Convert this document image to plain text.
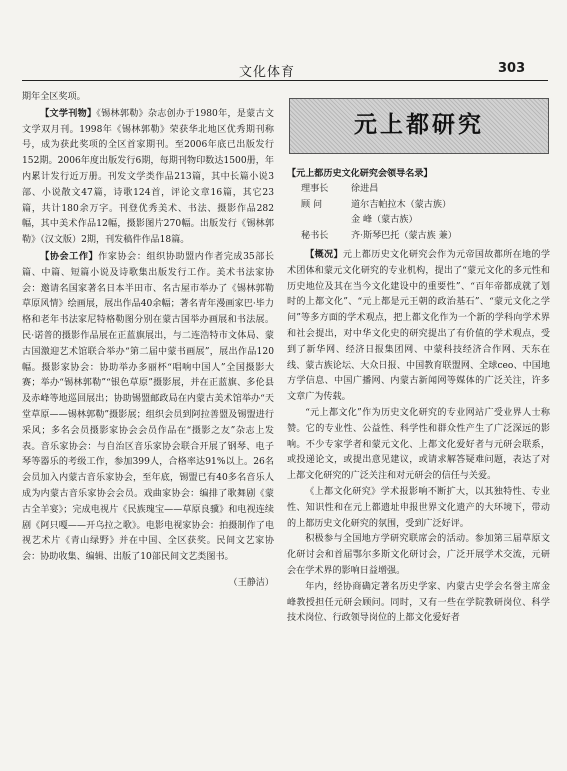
文化体育	303

期年全区奖项。

【文学刊物】《锡林郭勒》杂志创办于1980年，是蒙古文文学双月刊。1998年《锡林郭勒》荣获华北地区优秀期刊称号，成为获此奖项的全区首家期刊。至2006年底已出版发行152期。2006年度出版发行6期，每期刊物印数达1500册，年内累计发行近万册。刊发文学类作品213篇，其中长篇小说3部、小说散文47篇，诗歌124首，评论文章16篇，其它23篇，共计180余万字。刊登优秀美术、书法、摄影作品282幅，其中美术作品12幅，摄影图片270幅。出版发行《锡林郭勒》（汉文版）2期，刊发稿件作品18篇。

【协会工作】作家协会：组织协助盟内作者完成35部长篇、中篇、短篇小说及诗歌集出版发行工作。美术书法家协会：邀请名国家著名日本半田市、名古屋市举办了《锡林郭勒草原风情》绘画展，展出作品40余幅；著名青年漫画家巴·毕力格和老年书法家尼特格勒图分别在蒙古国举办画展和书法展。民·诺普的摄影作品展在正蓝旗展出，与二连浩特市文体局、蒙古国激迎艺术馆联合举办“第二届中蒙书画展”，展出作品120幅。摄影家协会：协助举办多丽杯“唱响中国人”全国摄影大赛；举办“锡林郭勒”“银色草原”摄影展，并在正蓝旗、多伦县及赤峰等地巡回展出；协助锡盟邮政局在内蒙古美术馆举办“天堂草原——锡林郭勒”摄影展；组织会员到阿拉善盟及锡盟进行采风；多名会员摄影家协会会员作品在“摄影之友”杂志上发表。音乐家协会：与自治区音乐家协会联合开展了钢琴、电子琴等器乐的考级工作，参加399人，合格率达91%以上。26名会员加入内蒙古音乐家协会，至年底，锡盟已有40多名音乐人成为内蒙古音乐家协会会员。戏曲家协会：编排了歌舞剧《蒙古全羊宴》；完成电视片《民族瑰宝——草原良骥》和电视连续剧《阿只嘎——开乌拉之歌》。电影电视家协会：拍摄制作了电视艺术片《青山绿野》并在中国、全区获奖。民间文艺家协会：协助收集、编辑、出版了10部民间文艺类图书。

（王静洁）

元上都研究

【元上都历史文化研究会领导名录】

理事长	徐进昌
顾 问	道尔吉帕拉木（蒙古族）
金 峰（蒙古族）
秘书长	齐·斯琴巴托（蒙古族 兼）

【概况】元上都历史文化研究会作为元帝国故都所在地的学术团体和蒙元文化研究的专业机构，提出了“蒙元文化的多元性和历史地位及其在当今文化建设中的重要性”、“百年帝都成就了划时的上都文化”、“元上都是元王朝的政治基石”、“蒙元文化之学问”等多方面的学术观点，把上都文化作为一个新的学科向学术界和社会提出，对中华文化史的研究提出了有价值的学术观点，受到了新华网、经济日报集团网、中蒙科技经济合作网、天东在线、蒙古族论坛、大众日报、中国教育联盟网、全球ceo、中国地方学信息、中国广播网、内蒙古新闻网等媒体的广泛关注，许多文章广为传载。

“元上都文化”作为历史文化研究的专业网站广受业界人士称赞。它的专业性、公益性、科学性和群众性产生了广泛深远的影响。不少专家学者和蒙元文化、上都文化爱好者与元研会联系，或投递论文，或提出意见建议，或请求解答疑难问题，表达了对上都文化研究的广泛关注和对元研会的信任与关爱。

《上都文化研究》学术报影响不断扩大，以其独特性、专业性、知识性和在元上都遗址申报世界文化遗产的大环境下，带动的上都历史文化研究的氛围，受到广泛好评。

积极参与全国地方学研究联席会的活动。参加第三届草原文化研讨会和首届鄂尔多斯文化研讨会，广泛开展学术交流，元研会在学术界的影响日益增强。

年内，经协商确定著名历史学家、内蒙古史学会名誉主席金峰教授担任元研会顾问。同时，又有一些在学院教研岗位、科学技术岗位、行政领导岗位的上都文化爱好者
